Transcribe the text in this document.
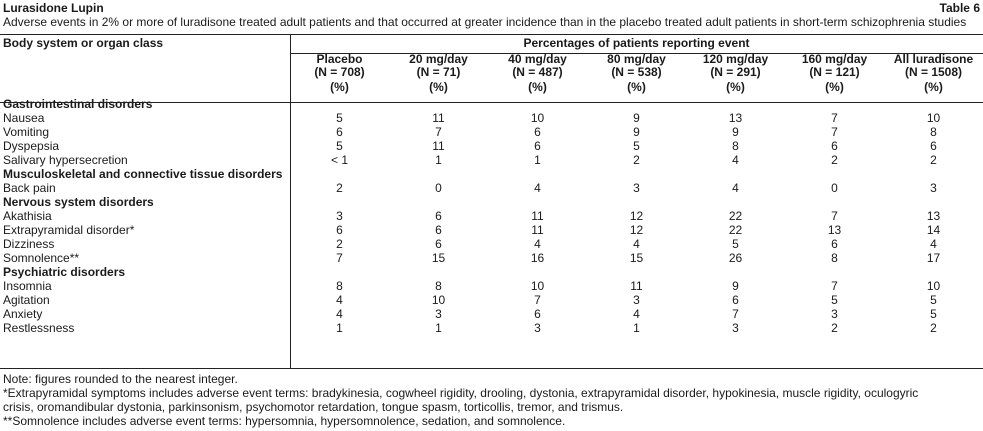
Lurasidone Lupin	Table 6
Adverse events in 2% or more of luradisone treated adult patients and that occurred at greater incidence than in the placebo treated adult patients in short-term schizophrenia studies
Body system or organ class	Percentages of patients reporting event						
	Placebo	20 mg/day	40 mg/day	80 mg/day	120 mg/day	160 mg/day	All luradisone
	(N = 708)	(N = 71)	(N = 487)	(N = 538)	(N = 291)	(N = 121)	(N = 1508)
	(%)	(%)	(%)	(%)	(%)	(%)	(%)
Gastrointestinal disorders							
Nausea	5	11	10	9	13	7	10
Vomiting	6	7	6	9	9	7	8
Dyspepsia	5	11	6	5	8	6	6
Salivary hypersecretion	< 1	1	1	2	4	2	2
Musculoskeletal and connective tissue disorders							
Back pain	2	0	4	3	4	0	3
Nervous system disorders							
Akathisia	3	6	11	12	22	7	13
Extrapyramidal disorder*	6	6	11	12	22	13	14
Dizziness	2	6	4	4	5	6	4
Somnolence**	7	15	16	15	26	8	17
Psychiatric disorders							
Insomnia	8	8	10	11	9	7	10
Agitation	4	10	7	3	6	5	5
Anxiety	4	3	6	4	7	3	5
Restlessness	1	1	3	1	3	2	2
Note: figures rounded to the nearest integer.
*Extrapyramidal symptoms includes adverse event terms: bradykinesia, cogwheel rigidity, drooling, dystonia, extrapyramidal disorder, hypokinesia, muscle rigidity, oculogyric
crisis, oromandibular dystonia, parkinsonism, psychomotor retardation, tongue spasm, torticollis, tremor, and trismus.
**Somnolence includes adverse event terms: hypersomnia, hypersomnolence, sedation, and somnolence.
